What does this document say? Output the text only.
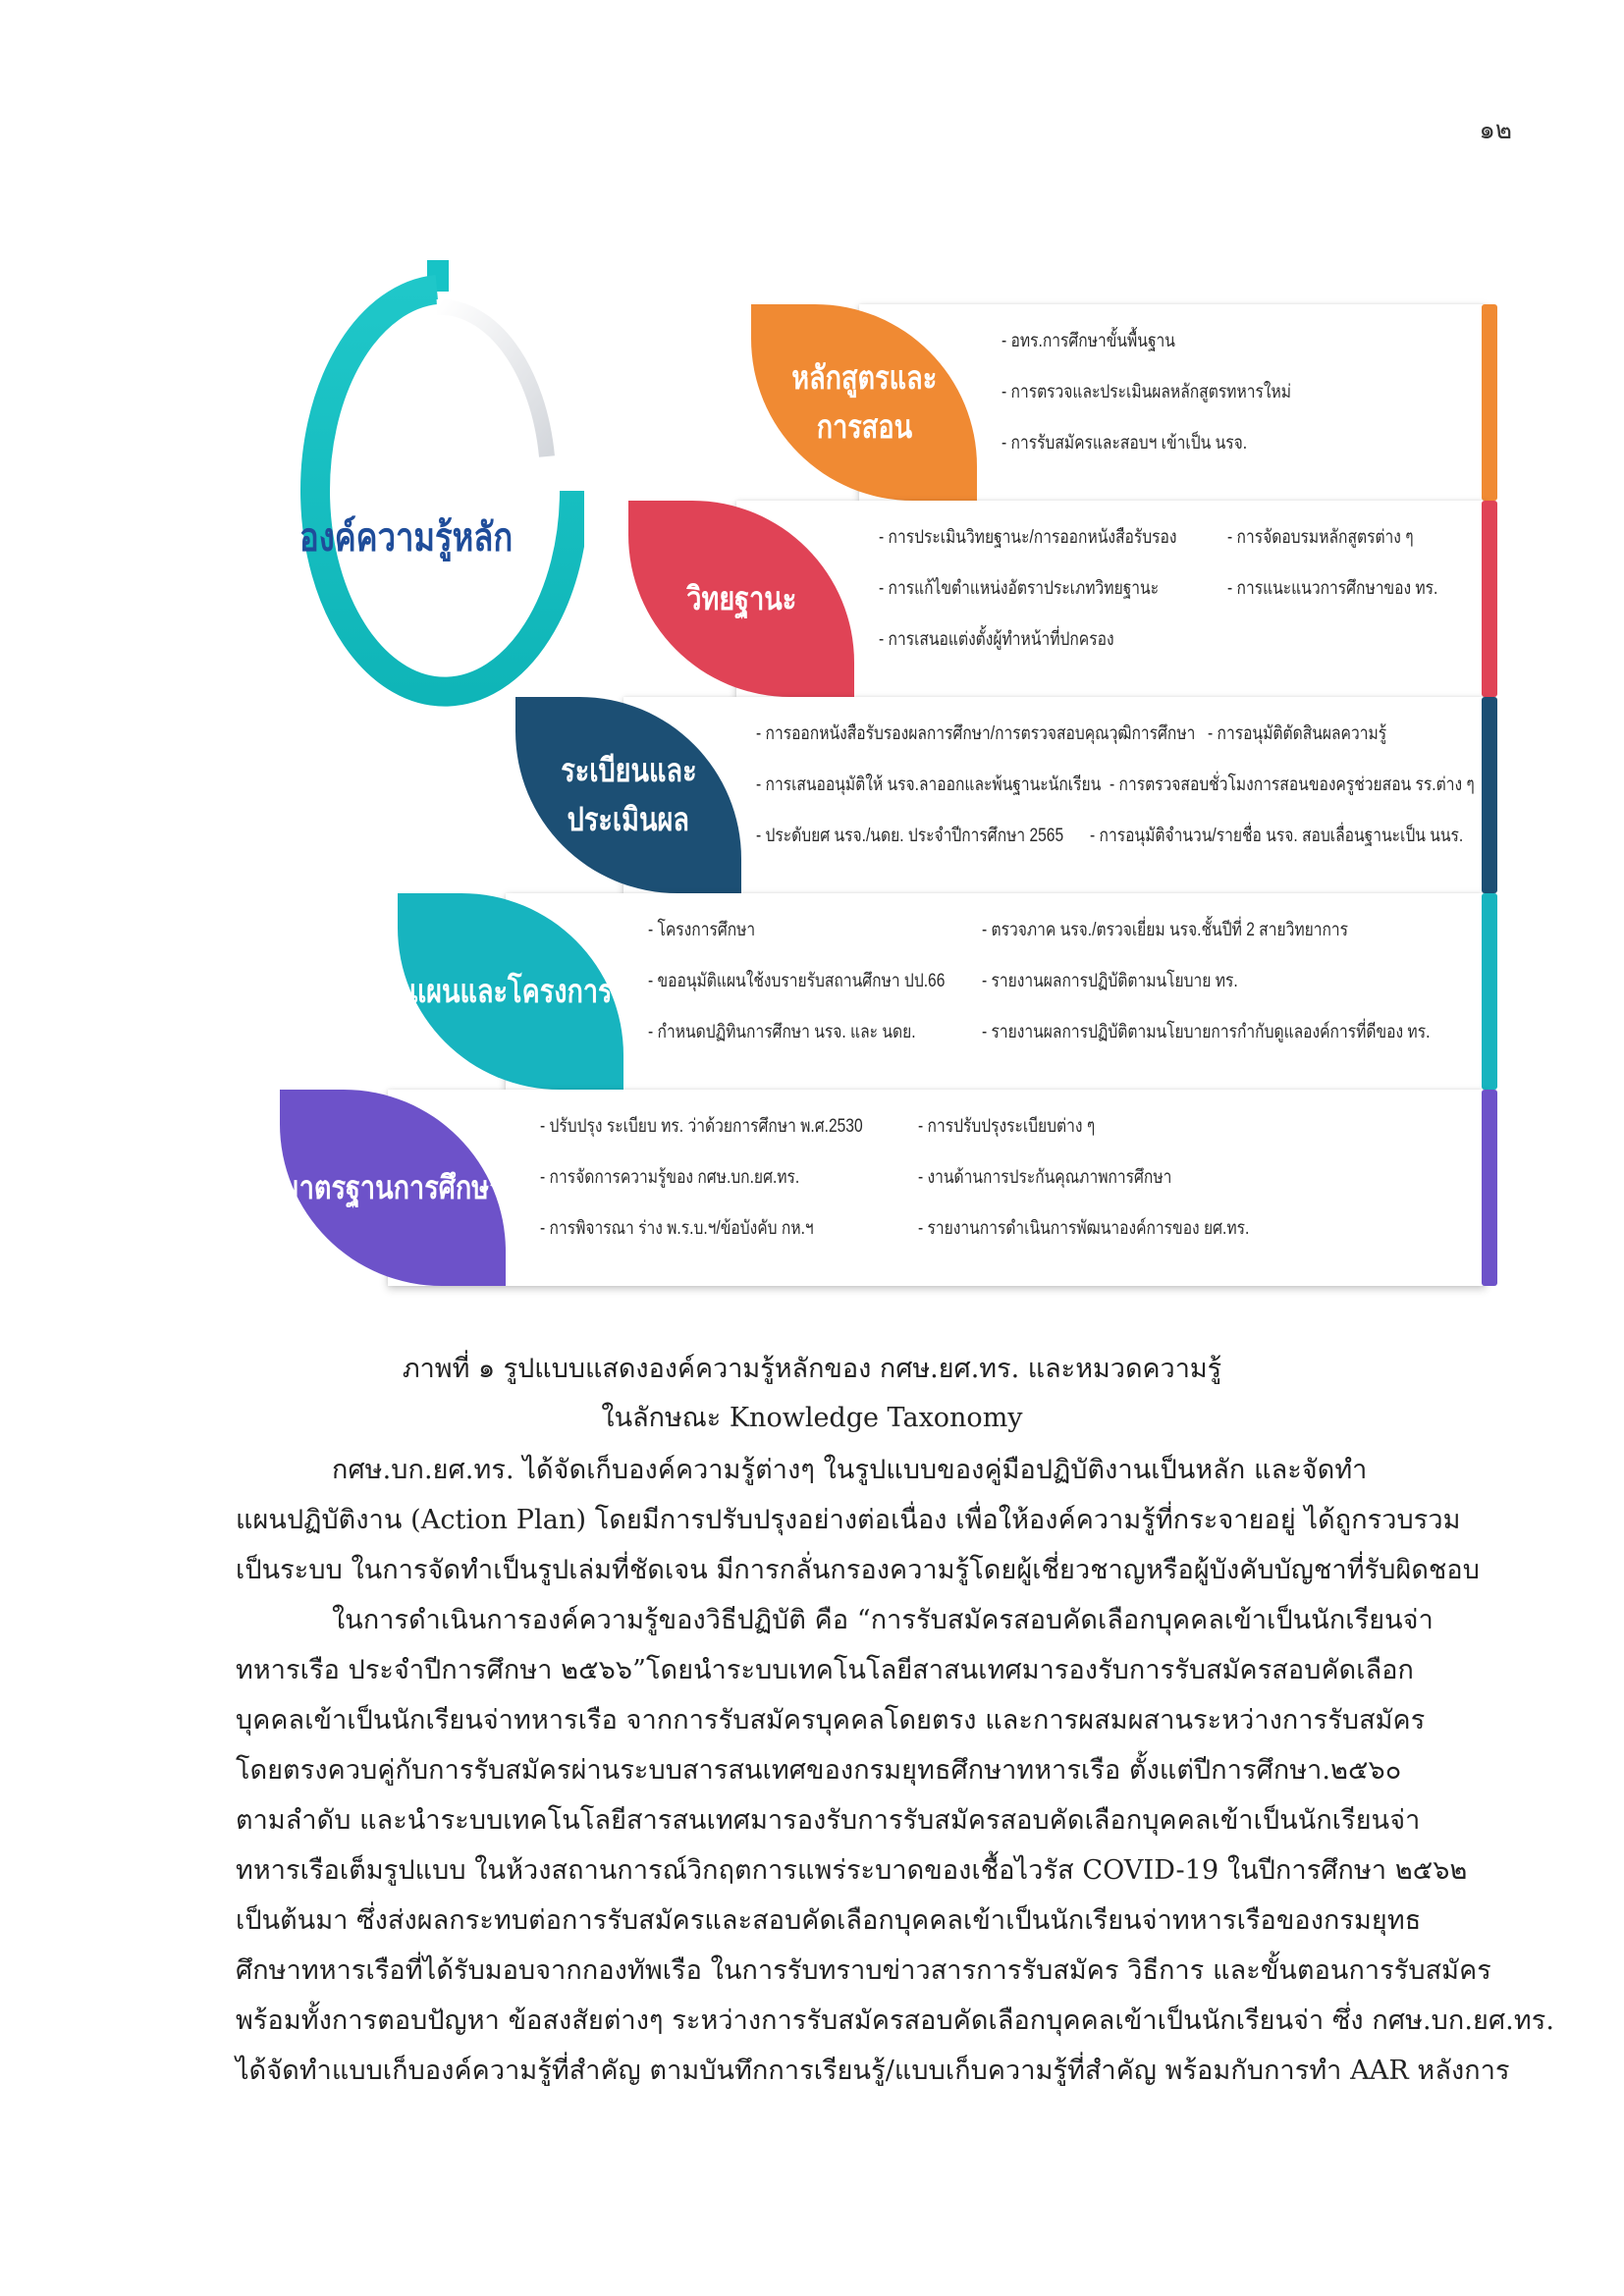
๑๒
องค์ความรู้หลัก
หลักสูตรและ
การสอน
- อทร.การศึกษาขั้นพื้นฐาน
- การตรวจและประเมินผลหลักสูตรทหารใหม่
- การรับสมัครและสอบฯ เข้าเป็น นรจ.
วิทยฐานะ
- การประเมินวิทยฐานะ/การออกหนังสือรับรอง	- การจัดอบรมหลักสูตรต่าง ๆ
- การแก้ไขตำแหน่งอัตราประเภทวิทยฐานะ	- การแนะแนวการศึกษาของ ทร.
- การเสนอแต่งตั้งผู้ทำหน้าที่ปกครอง
ระเบียนและ
ประเมินผล
- การออกหนังสือรับรองผลการศึกษา/การตรวจสอบคุณวุฒิการศึกษา - การอนุมัติตัดสินผลความรู้
- การเสนออนุมัติให้ นรจ.ลาออกและพ้นฐานะนักเรียน - การตรวจสอบชั่วโมงการสอนของครูช่วยสอน รร.ต่าง ๆ
- ประดับยศ นรจ./นดย. ประจำปีการศึกษา 2565 - การอนุมัติจำนวน/รายชื่อ นรจ. สอบเลื่อนฐานะเป็น นนร.
แผนและโครงการ
- โครงการศึกษา	- ตรวจภาค นรจ./ตรวจเยี่ยม นรจ.ชั้นปีที่ 2 สายวิทยาการ
- ขออนุมัติแผนใช้งบรายรับสถานศึกษา ปป.66 - รายงานผลการปฏิบัติตามนโยบาย ทร.
- กำหนดปฏิทินการศึกษา นรจ. และ นดย.	- รายงานผลการปฏิบัติตามนโยบายการกำกับดูแลองค์การที่ดีของ ทร.
มาตรฐานการศึกษา
- ปรับปรุง ระเบียบ ทร. ว่าด้วยการศึกษา พ.ศ.2530	- การปรับปรุงระเบียบต่าง ๆ
- การจัดการความรู้ของ กศษ.บก.ยศ.ทร.	- งานด้านการประกันคุณภาพการศึกษา
- การพิจารณา ร่าง พ.ร.บ.ฯ/ข้อบังคับ กห.ฯ	- รายงานการดำเนินการพัฒนาองค์การของ ยศ.ทร.
ภาพที่ ๑ รูปแบบแสดงองค์ความรู้หลักของ กศษ.ยศ.ทร. และหมวดความรู้
ในลักษณะ Knowledge Taxonomy
กศษ.บก.ยศ.ทร. ได้จัดเก็บองค์ความรู้ต่างๆ ในรูปแบบของคู่มือปฏิบัติงานเป็นหลัก และจัดทำ
แผนปฏิบัติงาน (Action Plan) โดยมีการปรับปรุงอย่างต่อเนื่อง เพื่อให้องค์ความรู้ที่กระจายอยู่ ได้ถูกรวบรวม
เป็นระบบ ในการจัดทำเป็นรูปเล่มที่ชัดเจน มีการกลั่นกรองความรู้โดยผู้เชี่ยวชาญหรือผู้บังคับบัญชาที่รับผิดชอบ
ในการดำเนินการองค์ความรู้ของวิธีปฏิบัติ คือ “การรับสมัครสอบคัดเลือกบุคคลเข้าเป็นนักเรียนจ่า
ทหารเรือ ประจำปีการศึกษา ๒๕๖๖”โดยนำระบบเทคโนโลยีสาสนเทศมารองรับการรับสมัครสอบคัดเลือก
บุคคลเข้าเป็นนักเรียนจ่าทหารเรือ จากการรับสมัครบุคคลโดยตรง และการผสมผสานระหว่างการรับสมัคร
โดยตรงควบคู่กับการรับสมัครผ่านระบบสารสนเทศของกรมยุทธศึกษาทหารเรือ ตั้งแต่ปีการศึกษา.๒๕๖๐
ตามลำดับ และนำระบบเทคโนโลยีสารสนเทศมารองรับการรับสมัครสอบคัดเลือกบุคคลเข้าเป็นนักเรียนจ่า
ทหารเรือเต็มรูปแบบ ในห้วงสถานการณ์วิกฤตการแพร่ระบาดของเชื้อไวรัส COVID-19 ในปีการศึกษา ๒๕๖๒
เป็นต้นมา ซึ่งส่งผลกระทบต่อการรับสมัครและสอบคัดเลือกบุคคลเข้าเป็นนักเรียนจ่าทหารเรือของกรมยุทธ
ศึกษาทหารเรือที่ได้รับมอบจากกองทัพเรือ ในการรับทราบข่าวสารการรับสมัคร วิธีการ และขั้นตอนการรับสมัคร
พร้อมทั้งการตอบปัญหา ข้อสงสัยต่างๆ ระหว่างการรับสมัครสอบคัดเลือกบุคคลเข้าเป็นนักเรียนจ่า ซึ่ง กศษ.บก.ยศ.ทร.
ได้จัดทำแบบเก็บองค์ความรู้ที่สำคัญ ตามบันทึกการเรียนรู้/แบบเก็บความรู้ที่สำคัญ พร้อมกับการทำ AAR หลังการ
